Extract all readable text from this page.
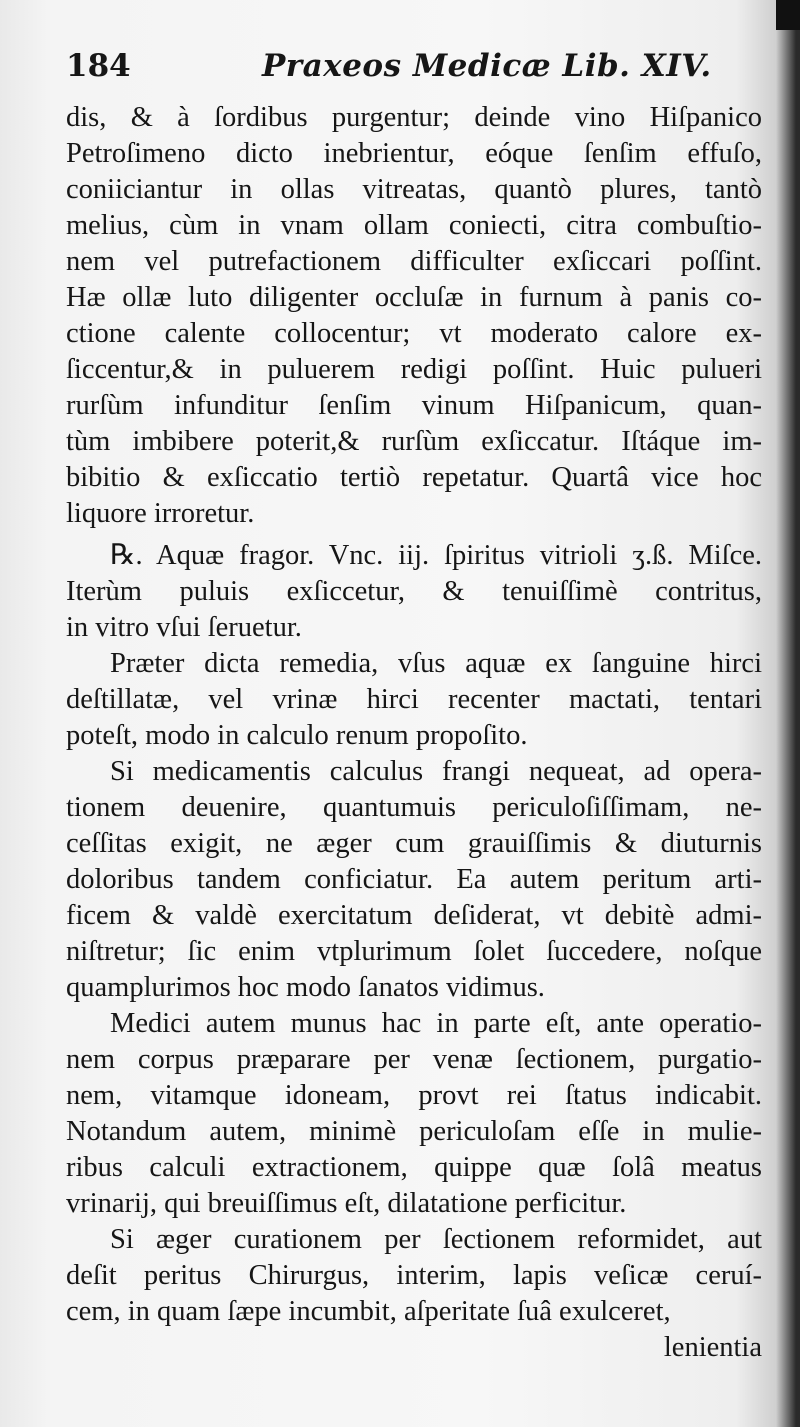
184	Praxeos Medicæ Lib. XIV.
dis, & à ſordibus purgentur; deinde vino Hiſpanico
Petroſimeno dicto inebrientur, eóque ſenſim effuſo,
coniiciantur in ollas vitreatas, quantò plures, tantò
melius, cùm in vnam ollam coniecti, citra combuſtio-
nem vel putrefactionem difficulter exſiccari poſſint.
Hæ ollæ luto diligenter occluſæ in furnum à panis co-
ctione calente collocentur; vt moderato calore ex-
ſiccentur,& in puluerem redigi poſſint. Huic pulueri
rurſùm infunditur ſenſim vinum Hiſpanicum, quan-
tùm imbibere poterit,& rurſùm exſiccatur. Iſtáque im-
bibitio & exſiccatio tertiò repetatur. Quartâ vice hoc
liquore irroretur.
℞. Aquæ fragor. Vnc. iij. ſpiritus vitrioli ʒ.ß. Miſce.
Iterùm puluis exſiccetur, & tenuiſſimè contritus,
in vitro vſui ſeruetur.
Præter dicta remedia, vſus aquæ ex ſanguine hirci
deſtillatæ, vel vrinæ hirci recenter mactati, tentari
poteſt, modo in calculo renum propoſito.
Si medicamentis calculus frangi nequeat, ad opera-
tionem deuenire, quantumuis periculoſiſſimam, ne-
ceſſitas exigit, ne æger cum grauiſſimis & diuturnis
doloribus tandem conficiatur. Ea autem peritum arti-
ficem & valdè exercitatum deſiderat, vt debitè admi-
niſtretur; ſic enim vtplurimum ſolet ſuccedere, noſque
quamplurimos hoc modo ſanatos vidimus.
Medici autem munus hac in parte eſt, ante operatio-
nem corpus præparare per venæ ſectionem, purgatio-
nem, vitamque idoneam, provt rei ſtatus indicabit.
Notandum autem, minimè periculoſam eſſe in mulie-
ribus calculi extractionem, quippe quæ ſolâ meatus
vrinarij, qui breuiſſimus eſt, dilatatione perficitur.
Si æger curationem per ſectionem reformidet, aut
deſit peritus Chirurgus, interim, lapis veſicæ ceruí-
cem, in quam ſæpe incumbit, aſperitate ſuâ exulceret,
lenientia
